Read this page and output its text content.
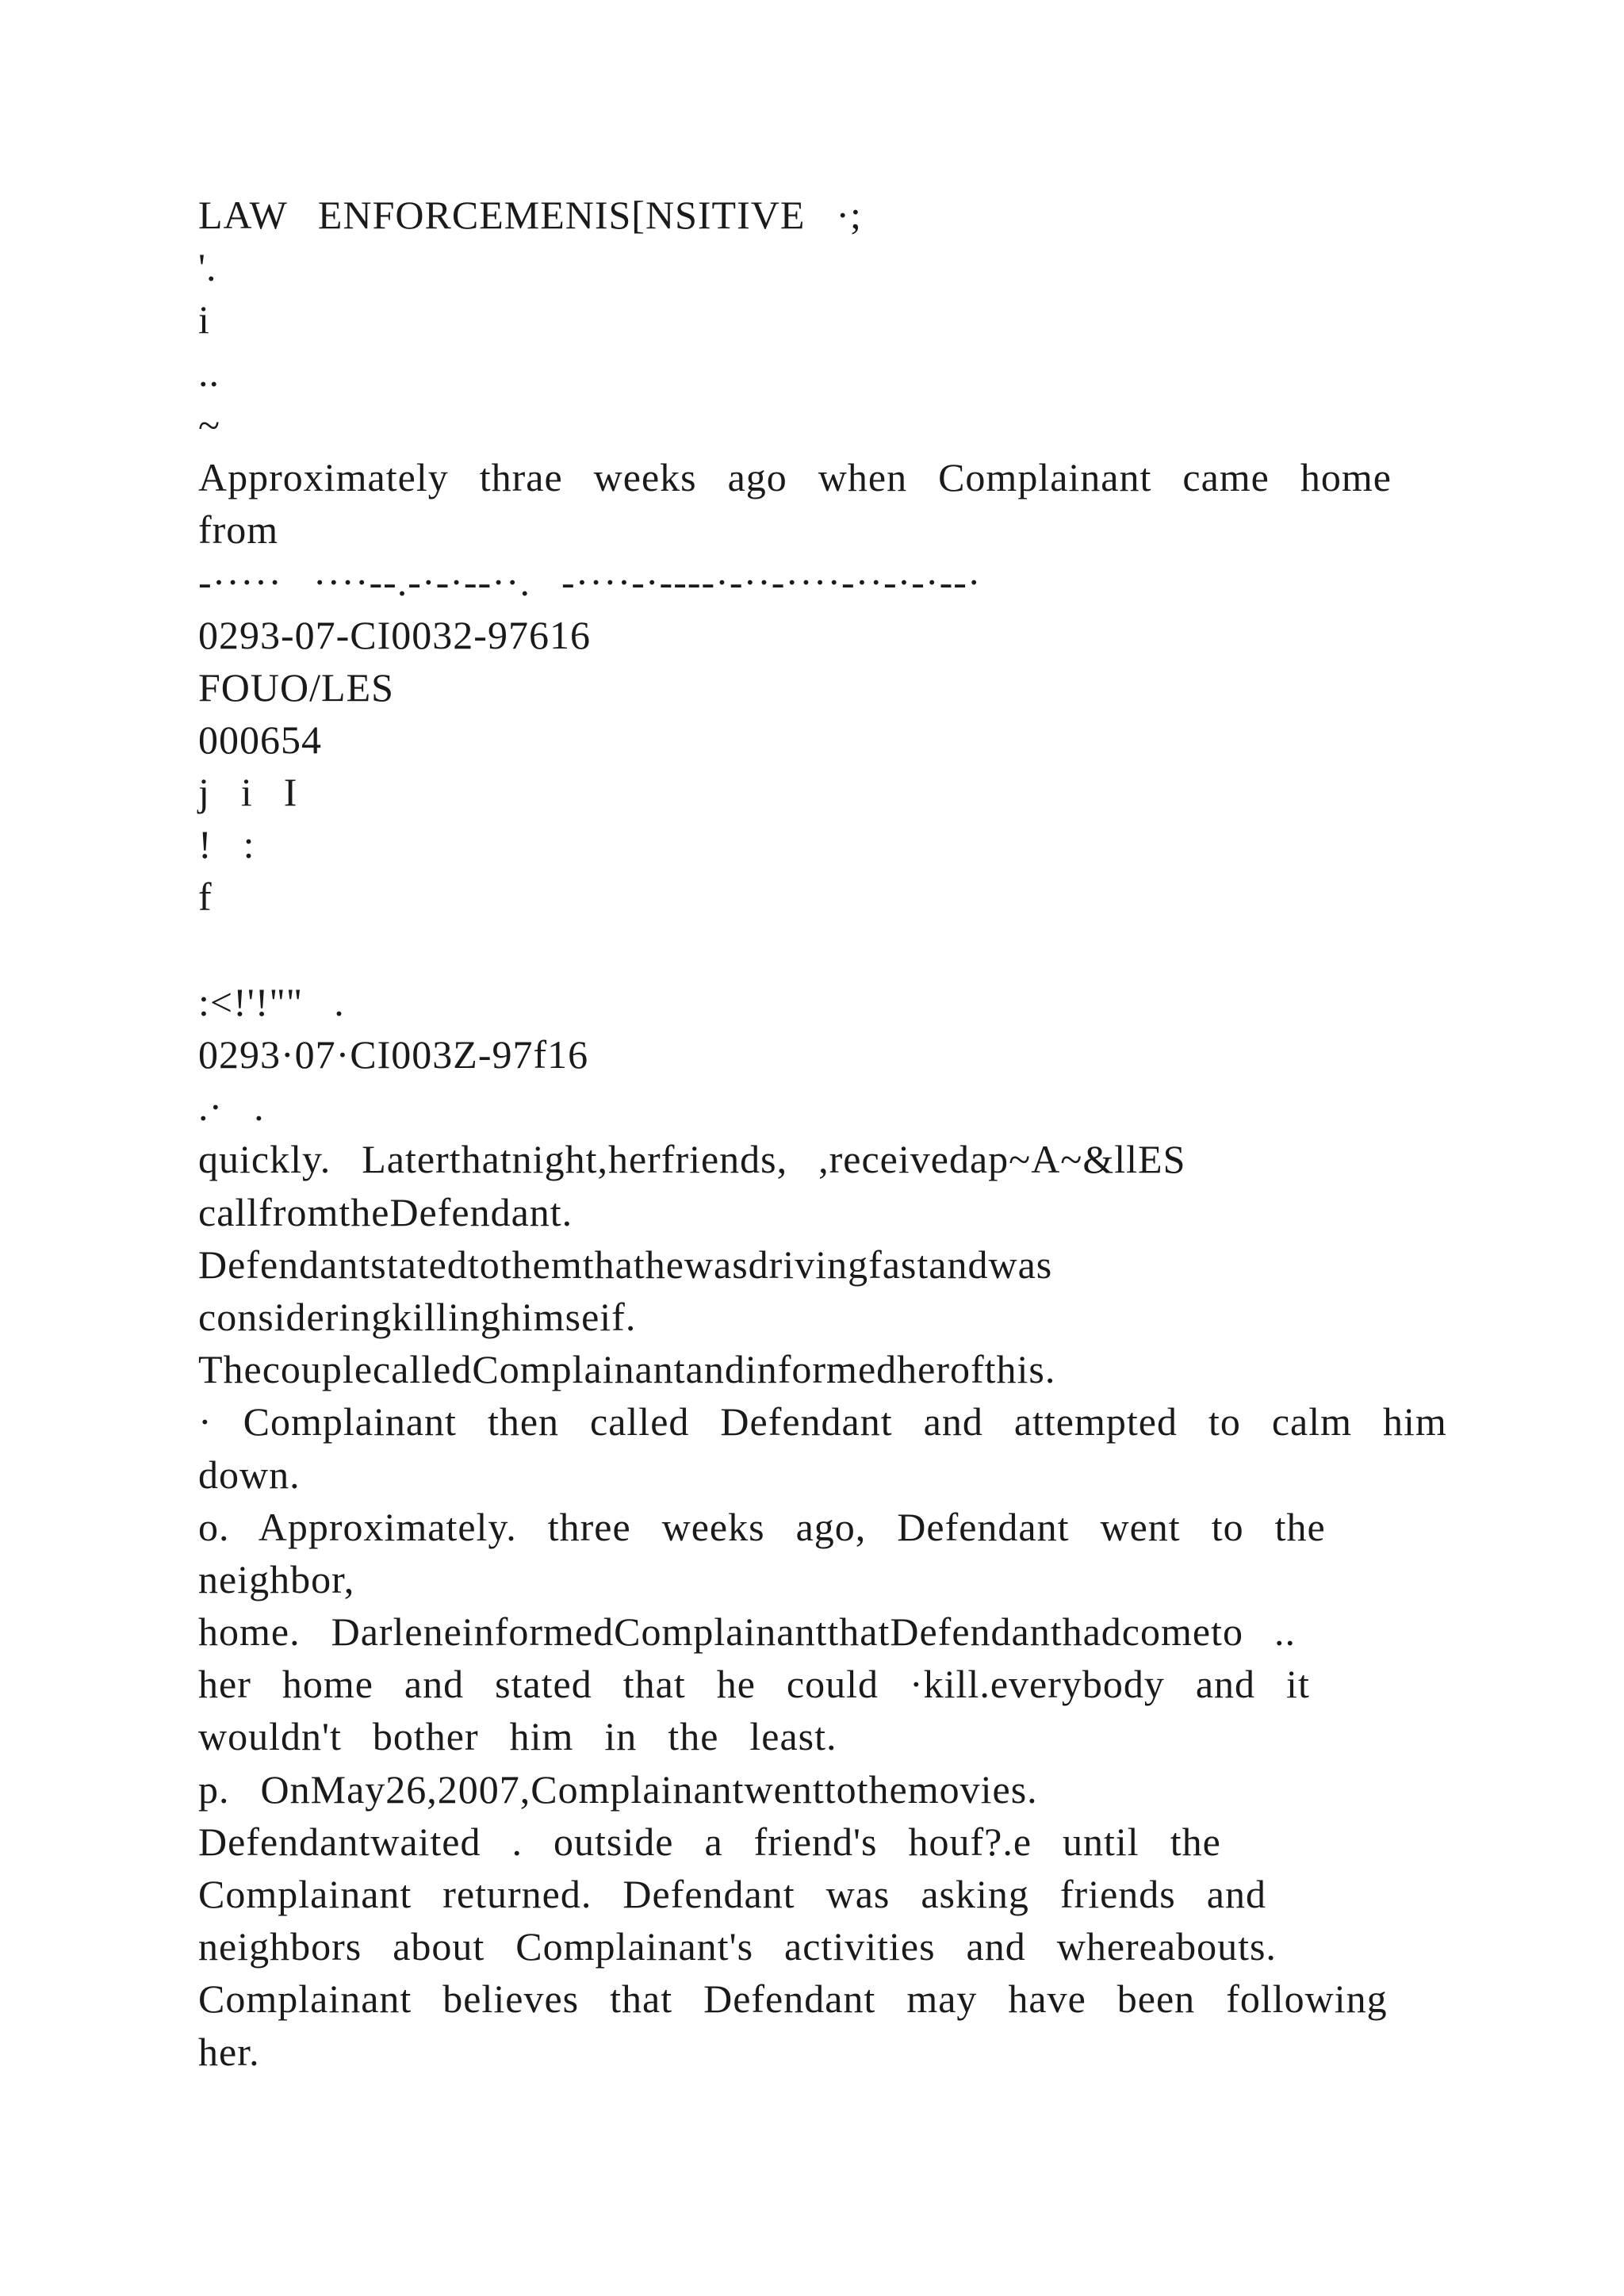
LAW  ENFORCEMENIS[NSITIVE  ·;
'.
i
..
~
Approximately  thrae  weeks  ago  when  Complainant  came  home
from
-·····  ····--.-·-·--··.  -····-·----·-··-····-··-·-·--·
0293-07-CI0032-97616
FOUO/LES
000654
j  i  I
!  :
f
:<!'!""  .
0293·07·CI003Z-97f16
.·  .
quickly.  Laterthatnight,herfriends,  ,receivedap~A~&llES
callfromtheDefendant.
Defendantstatedtothemthathewasdrivingfastandwas
consideringkillinghimseif.
ThecouplecalledComplainantandinformedherofthis.
·  Complainant  then  called  Defendant  and  attempted  to  calm  him
down.
o.  Approximately.  three  weeks  ago,  Defendant  went  to  the
neighbor,
home.  DarleneinformedComplainantthatDefendanthadcometo  ..
her  home  and  stated  that  he  could  ·kill.everybody  and  it
wouldn't  bother  him  in  the  least.
p.  OnMay26,2007,Complainantwenttothemovies.
Defendantwaited  .  outside  a  friend's  houf?.e  until  the
Complainant  returned.  Defendant  was  asking  friends  and
neighbors  about  Complainant's  activities  and  whereabouts.
Complainant  believes  that  Defendant  may  have  been  following
her.
